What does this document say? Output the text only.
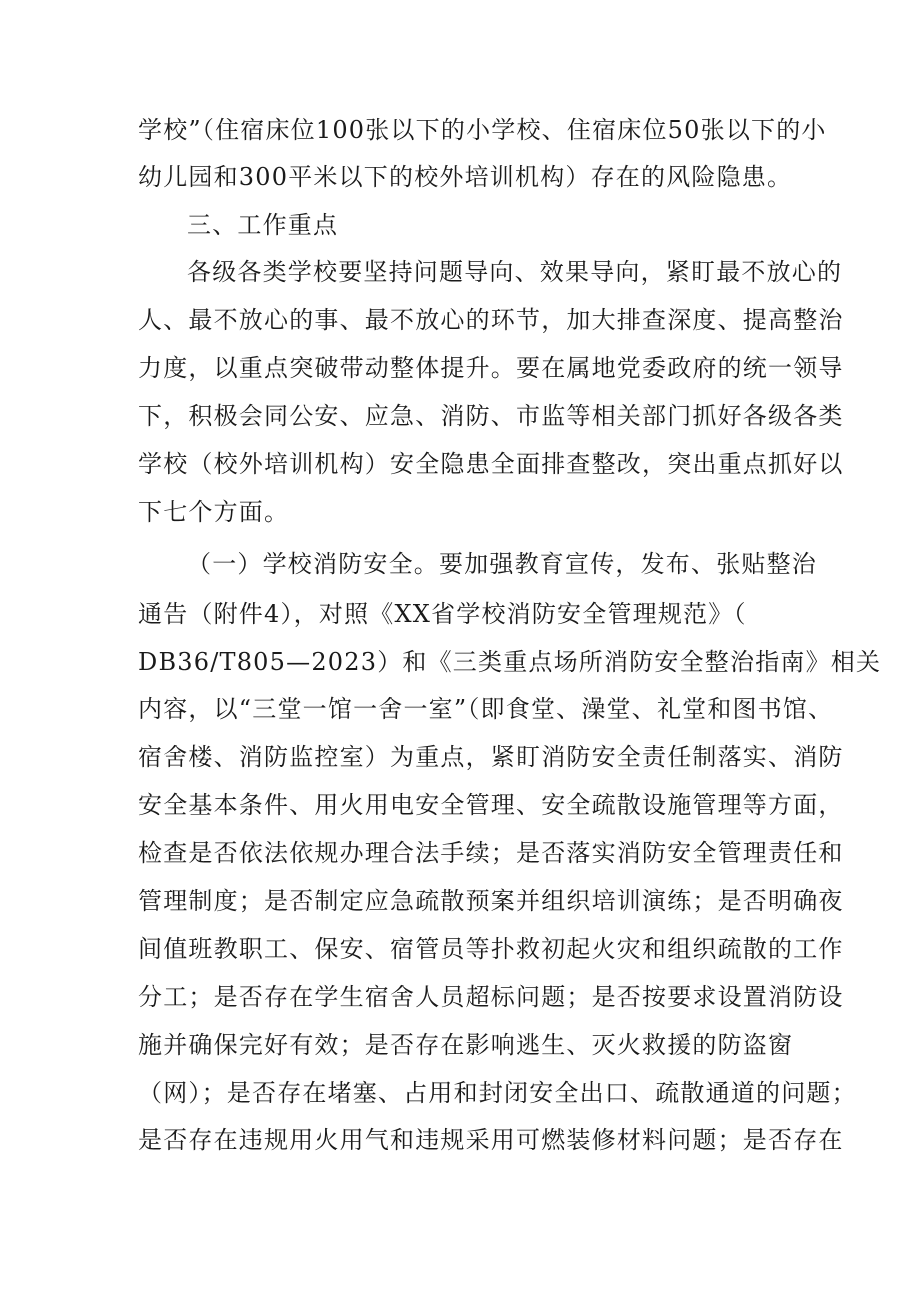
学校”（住宿床位100张以下的小学校、住宿床位50张以下的小
幼儿园和300平米以下的校外培训机构）存在的风险隐患。
三、工作重点
各级各类学校要坚持问题导向、效果导向，紧盯最不放心的
人、最不放心的事、最不放心的环节，加大排查深度、提高整治
力度，以重点突破带动整体提升。要在属地党委政府的统一领导
下，积极会同公安、应急、消防、市监等相关部门抓好各级各类
学校（校外培训机构）安全隐患全面排查整改，突出重点抓好以
下七个方面。
（一）学校消防安全。要加强教育宣传，发布、张贴整治
通告（附件4），对照《XX省学校消防安全管理规范》（
DB36/T805—2023）和《三类重点场所消防安全整治指南》相关
内容，以“三堂一馆一舍一室”（即食堂、澡堂、礼堂和图书馆、
宿舍楼、消防监控室）为重点，紧盯消防安全责任制落实、消防
安全基本条件、用火用电安全管理、安全疏散设施管理等方面，
检查是否依法依规办理合法手续；是否落实消防安全管理责任和
管理制度；是否制定应急疏散预案并组织培训演练；是否明确夜
间值班教职工、保安、宿管员等扑救初起火灾和组织疏散的工作
分工；是否存在学生宿舍人员超标问题；是否按要求设置消防设
施并确保完好有效；是否存在影响逃生、灭火救援的防盗窗
（网）；是否存在堵塞、占用和封闭安全出口、疏散通道的问题；
是否存在违规用火用气和违规采用可燃装修材料问题；是否存在
